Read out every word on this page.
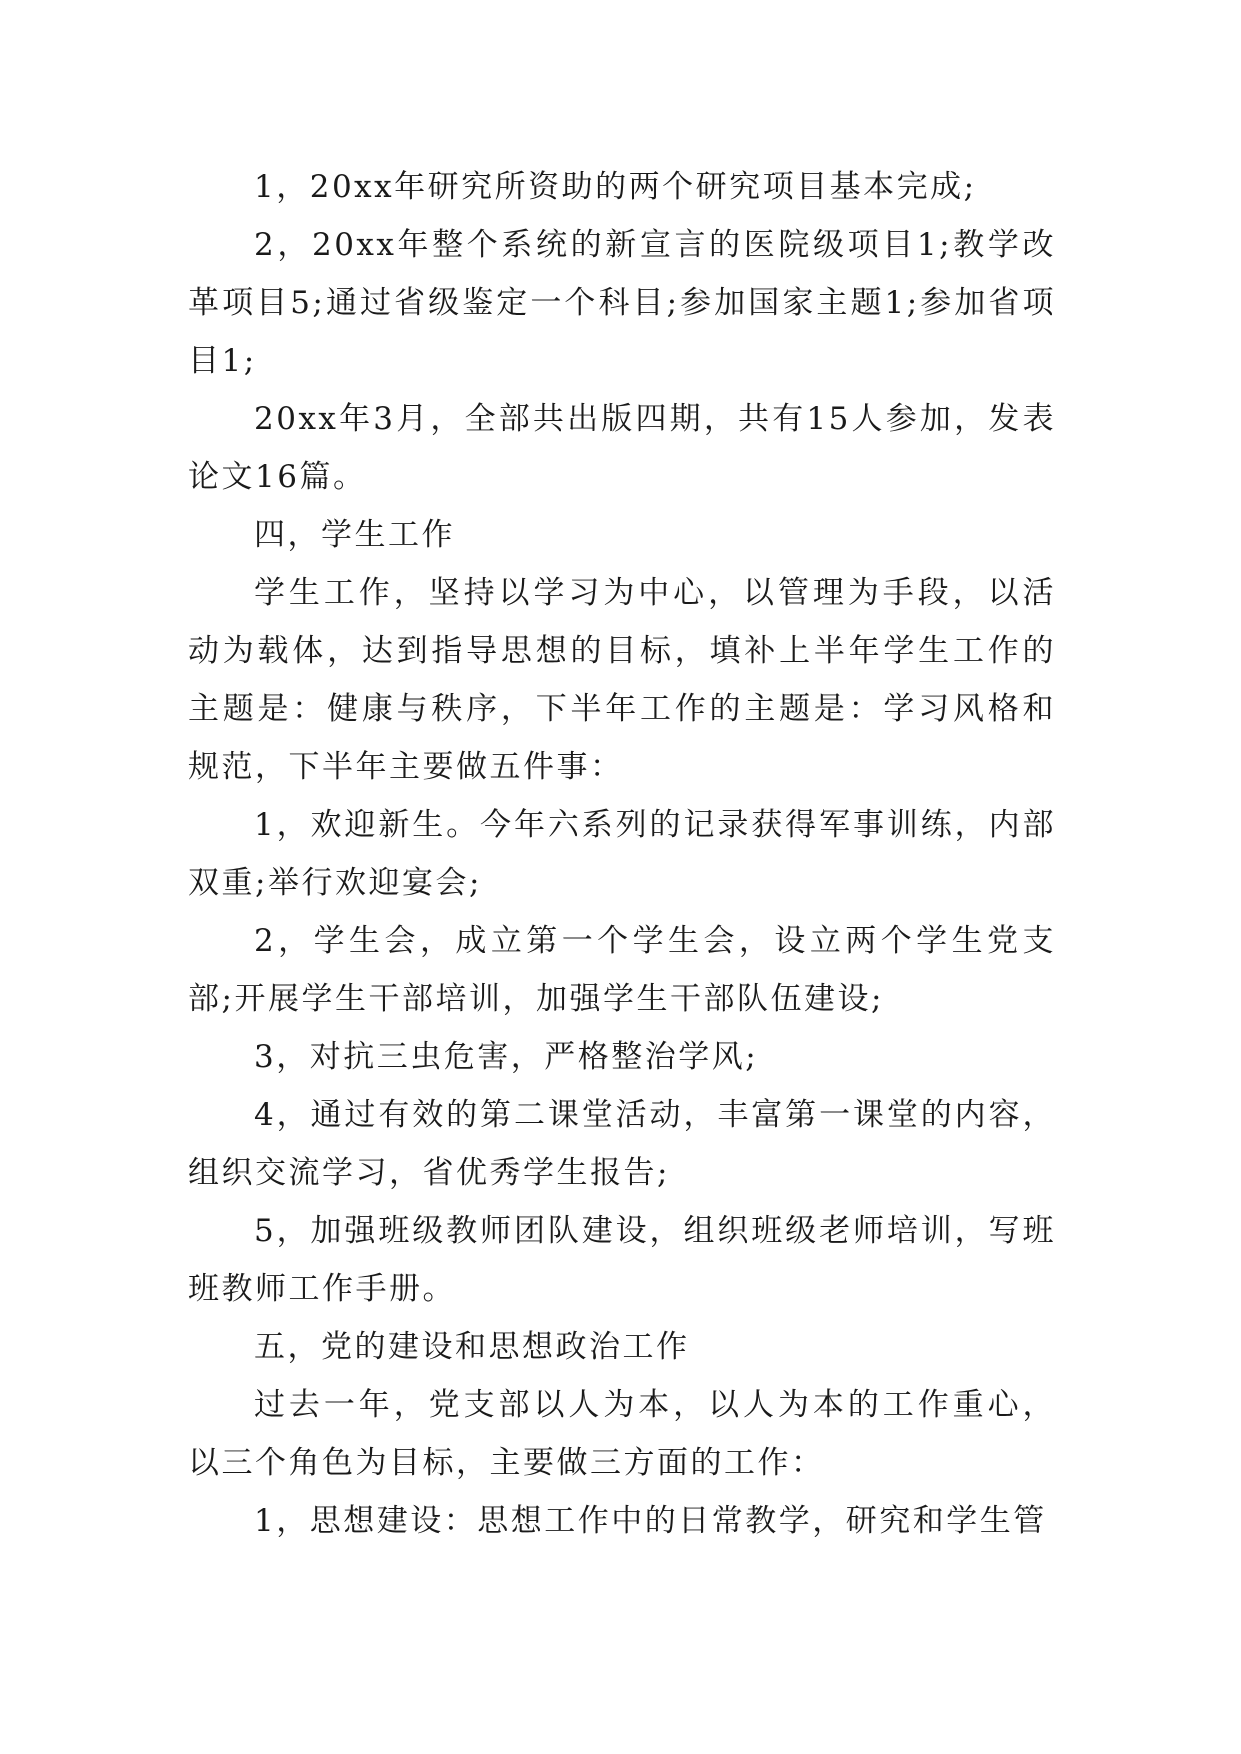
1，20xx年研究所资助的两个研究项目基本完成;

2，20xx年整个系统的新宣言的医院级项目1;教学改革项目5;通过省级鉴定一个科目;参加国家主题1;参加省项目1;

20xx年3月，全部共出版四期，共有15人参加，发表论文16篇。

四，学生工作

学生工作，坚持以学习为中心，以管理为手段，以活动为载体，达到指导思想的目标，填补上半年学生工作的主题是：健康与秩序，下半年工作的主题是：学习风格和规范，下半年主要做五件事：

1，欢迎新生。今年六系列的记录获得军事训练，内部双重;举行欢迎宴会;

2，学生会，成立第一个学生会，设立两个学生党支部;开展学生干部培训，加强学生干部队伍建设;

3，对抗三虫危害，严格整治学风;

4，通过有效的第二课堂活动，丰富第一课堂的内容，组织交流学习，省优秀学生报告;

5，加强班级教师团队建设，组织班级老师培训，写班班教师工作手册。

五，党的建设和思想政治工作

过去一年，党支部以人为本，以人为本的工作重心，以三个角色为目标，主要做三方面的工作：

1，思想建设：思想工作中的日常教学，研究和学生管
